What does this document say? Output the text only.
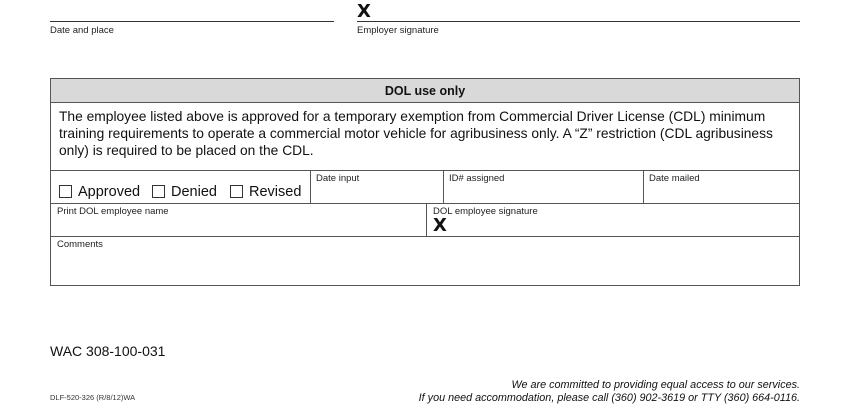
Date and place
X
Employer signature
DOL use only
The employee listed above is approved for a temporary exemption from Commercial Driver License (CDL) minimum training requirements to operate a commercial motor vehicle for agribusiness only. A “Z” restriction (CDL agribusiness only) is required to be placed on the CDL.
Approved Denied Revised
Date input	ID# assigned	Date mailed
Print DOL employee name	DOL employee signature
X
Comments
WAC 308-100-031
DLF-520-326 (R/8/12)WA
We are committed to providing equal access to our services.
If you need accommodation, please call (360) 902-3619 or TTY (360) 664-0116.
